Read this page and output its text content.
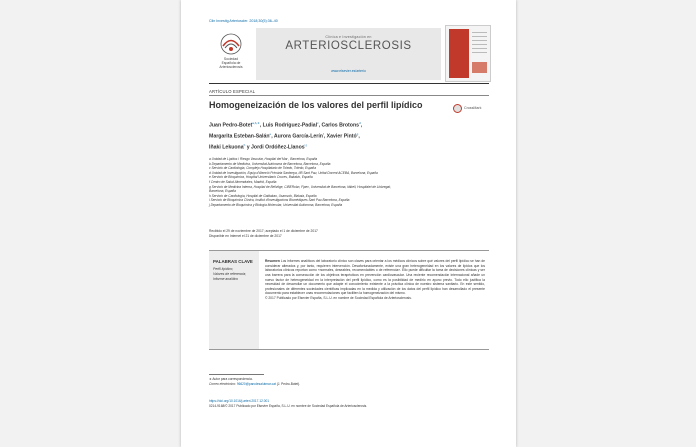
Clin Investig Arterioscler. 2018;30(5):36–40
Sociedad
Española de
Arteriosclerosis
Clínica e Investigación en
ARTERIOSCLEROSIS
www.elsevier.es/arterio
ARTÍCULO ESPECIAL
Homogeneización de los valores del perfil lipídico	CrossMark
Juan Pedro-Botet$^{a,b,∗}$, Luis Rodríguez-Padial$^c$, Carlos Brotons$^d$,
Margarita Esteban-Salán$^e$, Aurora García-Lerín$^f$, Xavier Pintó$^g$,
Iñaki Lekuona$^h$ y Jordi Ordóñez-Llanos$^{i,j}$
a Unidad de Lípidos i Riesgo Vascular, Hospital del Mar , Barcelona, España
b Departamento de Medicina, Universitat Autònoma de Barcelona, Barcelona, España
c Servicio de Cardiología, Complejo Hospitalario de Toledo, Toledo, España
d Unidad de Investigación, Equip d'Atenció Primària Sardenya, IIB Sant Pau, Unitat Docent ACEBA, Barcelona, España
e Servicio de Bioquímica, Hospital Universitario Cruces, Bakakio, España
f Centro de Salud Almendrales, Madrid, España
g Servicio de Medicina Interna, Hospital de Bellvitge, CIBERobn, Fipec, Universitat de Barcelona, Idibell, Hospitalet de Llobregat,
Barcelona, España
h Servicio de Cardiología, Hospital de Galdakao, Usansolo, Bizkaia, España
i Servicio de Bioquímica Clínica, Institut d'Investigacions Biomèdiques Sant Pau Barcelona, España
j Departamento de Bioquímica y Biología Molecular, Universitat Autònoma, Barcelona, España
Recibido el 29 de noviembre de 2017; aceptado el 1 de diciembre de 2017
Disponible en Internet el 21 de diciembre de 2017
PALABRAS CLAVE
Perfil lipídico;
Valores de referencia;
Informe analítico
Resumen Los informes analíticos del laboratorio clínico son claves para orientar a los médicos clínicos sobre qué valores del perfil lipídico se han de considerar alterados y, por tanto, requieren intervención. Desafortunadamente, existe una gran heterogeneidad en los valores de lípidos que los laboratorios clínicos reportan como «normales, deseables, recomendables o de referencia». Ello puede dificultar la toma de decisiones clínicas y ser una barrera para la consecución de los objetivos terapéuticos en prevención cardiovascular. Una reciente recomendación internacional añade un nuevo factor de heterogeneidad en la interpretación del perfil lipídico, como es la posibilidad de medirlo en ayuno previo. Todo ello justifica la necesidad de desarrollar un documento que adapte el conocimiento existente a la práctica clínica de nuestro sistema sanitario. En este sentido, profesionales de diferentes sociedades científicas implicadas en la medida y utilización de los datos del perfil lipídico han desarrollado el presente documento para establecer unas recomendaciones que faciliten la homogeneización del mismo.
© 2017 Publicado por Elsevier España, S.L.U. en nombre de Sociedad Española de Arteriosclerosis.
∗ Autor para correspondencia.
Correo electrónico: 96620@parcdesalutmar.cat (J. Pedro-Botet).
https://doi.org/10.1016/j.arteri.2017.12.001
0214-9168/© 2017 Publicado por Elsevier España, S.L.U. en nombre de Sociedad Española de Arteriosclerosis.
